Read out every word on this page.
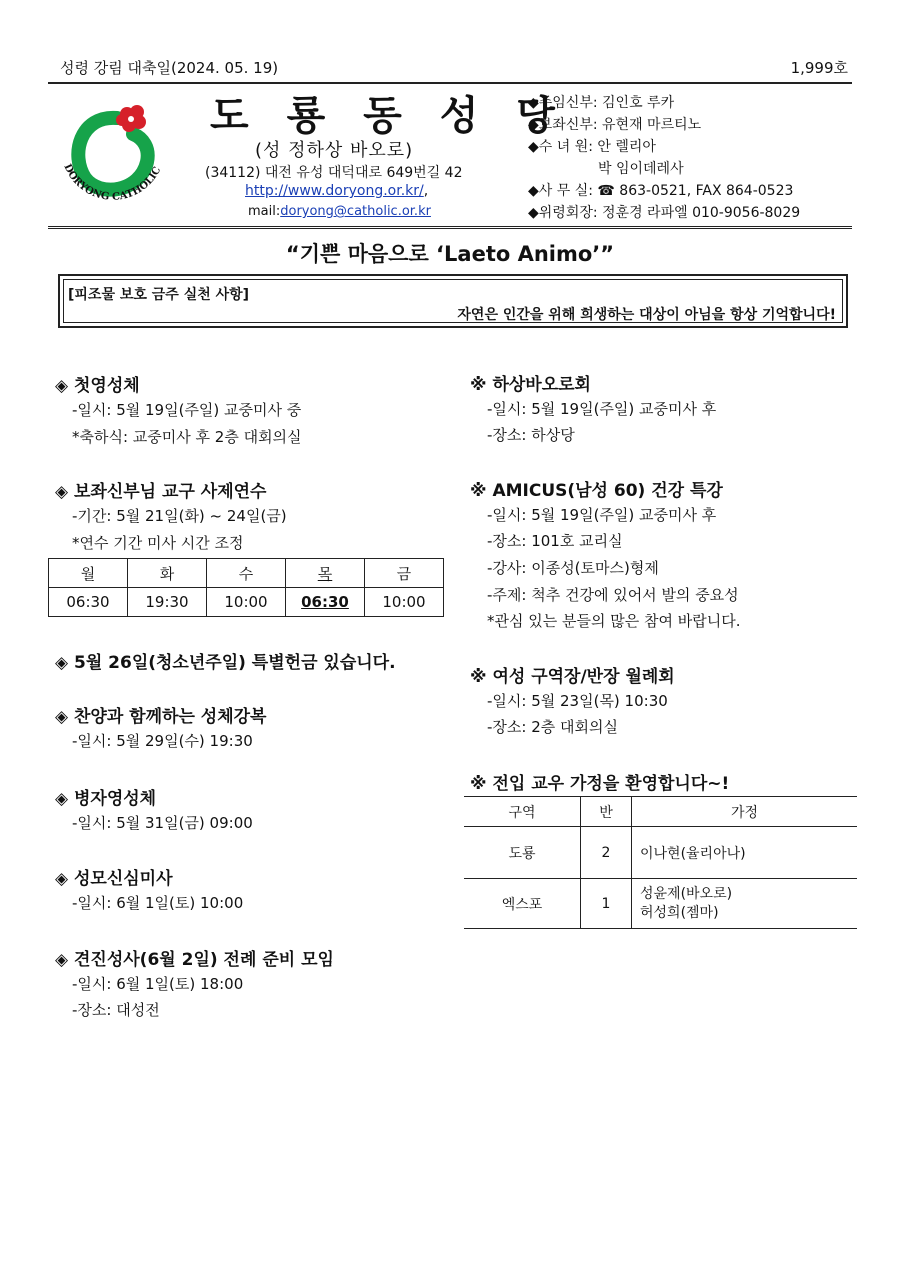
성령 강림 대축일(2024. 05. 19)	1,999호
DORYONG CATHOLIC
도 룡 동 성 당
(성 정하상 바오로)
(34112) 대전 유성 대덕대로 649번길 42
http://www.doryong.or.kr/,
mail:doryong@catholic.or.kr
◆주임신부: 김인호 루카
◆보좌신부: 유현재 마르티노
◆수 녀 원: 안 렐리아
　　　　　박 임이데레사
◆사 무 실: ☎ 863-0521, FAX 864-0523
◆위령회장: 정훈경 라파엘 010-9056-8029
“기쁜 마음으로 ‘Laeto Animo’”
[피조물 보호 금주 실천 사항]
자연은 인간을 위해 희생하는 대상이 아님을 항상 기억합니다!
◈ 첫영성체
-일시: 5월 19일(주일) 교중미사 중
*축하식: 교중미사 후 2층 대회의실
◈ 보좌신부님 교구 사제연수
-기간: 5월 21일(화) ~ 24일(금)
*연수 기간 미사 시간 조정
월	화	수	목	금
06:30	19:30	10:00	06:30	10:00
◈ 5월 26일(청소년주일) 특별헌금 있습니다.
◈ 찬양과 함께하는 성체강복
-일시: 5월 29일(수) 19:30
◈ 병자영성체
-일시: 5월 31일(금) 09:00
◈ 성모신심미사
-일시: 6월 1일(토) 10:00
◈ 견진성사(6월 2일) 전례 준비 모임
-일시: 6월 1일(토) 18:00
-장소: 대성전
※ 하상바오로회
-일시: 5월 19일(주일) 교중미사 후
-장소: 하상당
※ AMICUS(남성 60) 건강 특강
-일시: 5월 19일(주일) 교중미사 후
-장소: 101호 교리실
-강사: 이종성(토마스)형제
-주제: 척추 건강에 있어서 발의 중요성
*관심 있는 분들의 많은 참여 바랍니다.
※ 여성 구역장/반장 월례회
-일시: 5월 23일(목) 10:30
-장소: 2층 대회의실
※ 전입 교우 가정을 환영합니다~!
구역	반	가정
도룡	2	이나현(율리아나)
엑스포	1	성윤제(바오로)
허성희(젬마)
